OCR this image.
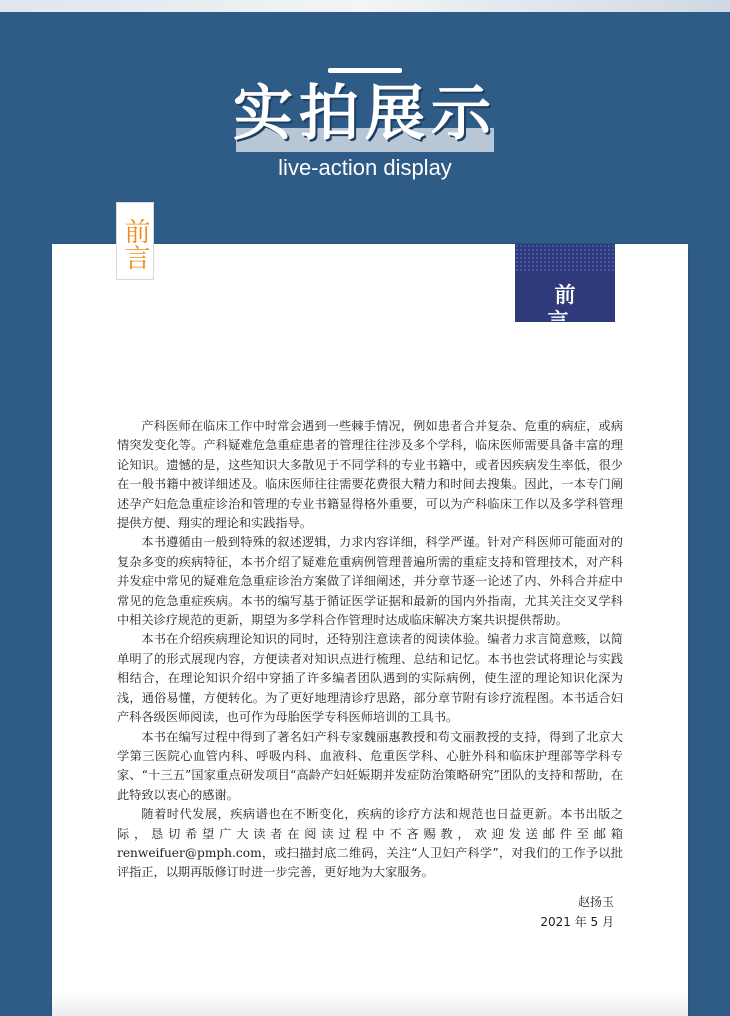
实拍展示
live-action display
前言
前 言

产科医师在临床工作中时常会遇到一些棘手情况，例如患者合并复杂、危重的病症，或病情突发变化等。产科疑难危急重症患者的管理往往涉及多个学科，临床医师需要具备丰富的理论知识。遗憾的是，这些知识大多散见于不同学科的专业书籍中，或者因疾病发生率低，很少在一般书籍中被详细述及。临床医师往往需要花费很大精力和时间去搜集。因此，一本专门阐述孕产妇危急重症诊治和管理的专业书籍显得格外重要，可以为产科临床工作以及多学科管理提供方便、翔实的理论和实践指导。

本书遵循由一般到特殊的叙述逻辑，力求内容详细，科学严谨。针对产科医师可能面对的复杂多变的疾病特征，本书介绍了疑难危重病例管理普遍所需的重症支持和管理技术，对产科并发症中常见的疑难危急重症诊治方案做了详细阐述，并分章节逐一论述了内、外科合并症中常见的危急重症疾病。本书的编写基于循证医学证据和最新的国内外指南，尤其关注交叉学科中相关诊疗规范的更新，期望为多学科合作管理时达成临床解决方案共识提供帮助。

本书在介绍疾病理论知识的同时，还特别注意读者的阅读体验。编者力求言简意赅，以简单明了的形式展现内容，方便读者对知识点进行梳理、总结和记忆。本书也尝试将理论与实践相结合，在理论知识介绍中穿插了许多编者团队遇到的实际病例，使生涩的理论知识化深为浅，通俗易懂，方便转化。为了更好地理清诊疗思路，部分章节附有诊疗流程图。本书适合妇产科各级医师阅读，也可作为母胎医学专科医师培训的工具书。

本书在编写过程中得到了著名妇产科专家魏丽惠教授和苟文丽教授的支持，得到了北京大学第三医院心血管内科、呼吸内科、血液科、危重医学科、心脏外科和临床护理部等学科专家、“十三五”国家重点研发项目“高龄产妇妊娠期并发症防治策略研究”团队的支持和帮助，在此特致以衷心的感谢。

随着时代发展，疾病谱也在不断变化，疾病的诊疗方法和规范也日益更新。本书出版之际，恳切希望广大读者在阅读过程中不吝赐教，欢迎发送邮件至邮箱 renweifuer@pmph.com，或扫描封底二维码，关注“人卫妇产科学”，对我们的工作予以批评指正，以期再版修订时进一步完善，更好地为大家服务。

赵扬玉
2021 年 5 月
